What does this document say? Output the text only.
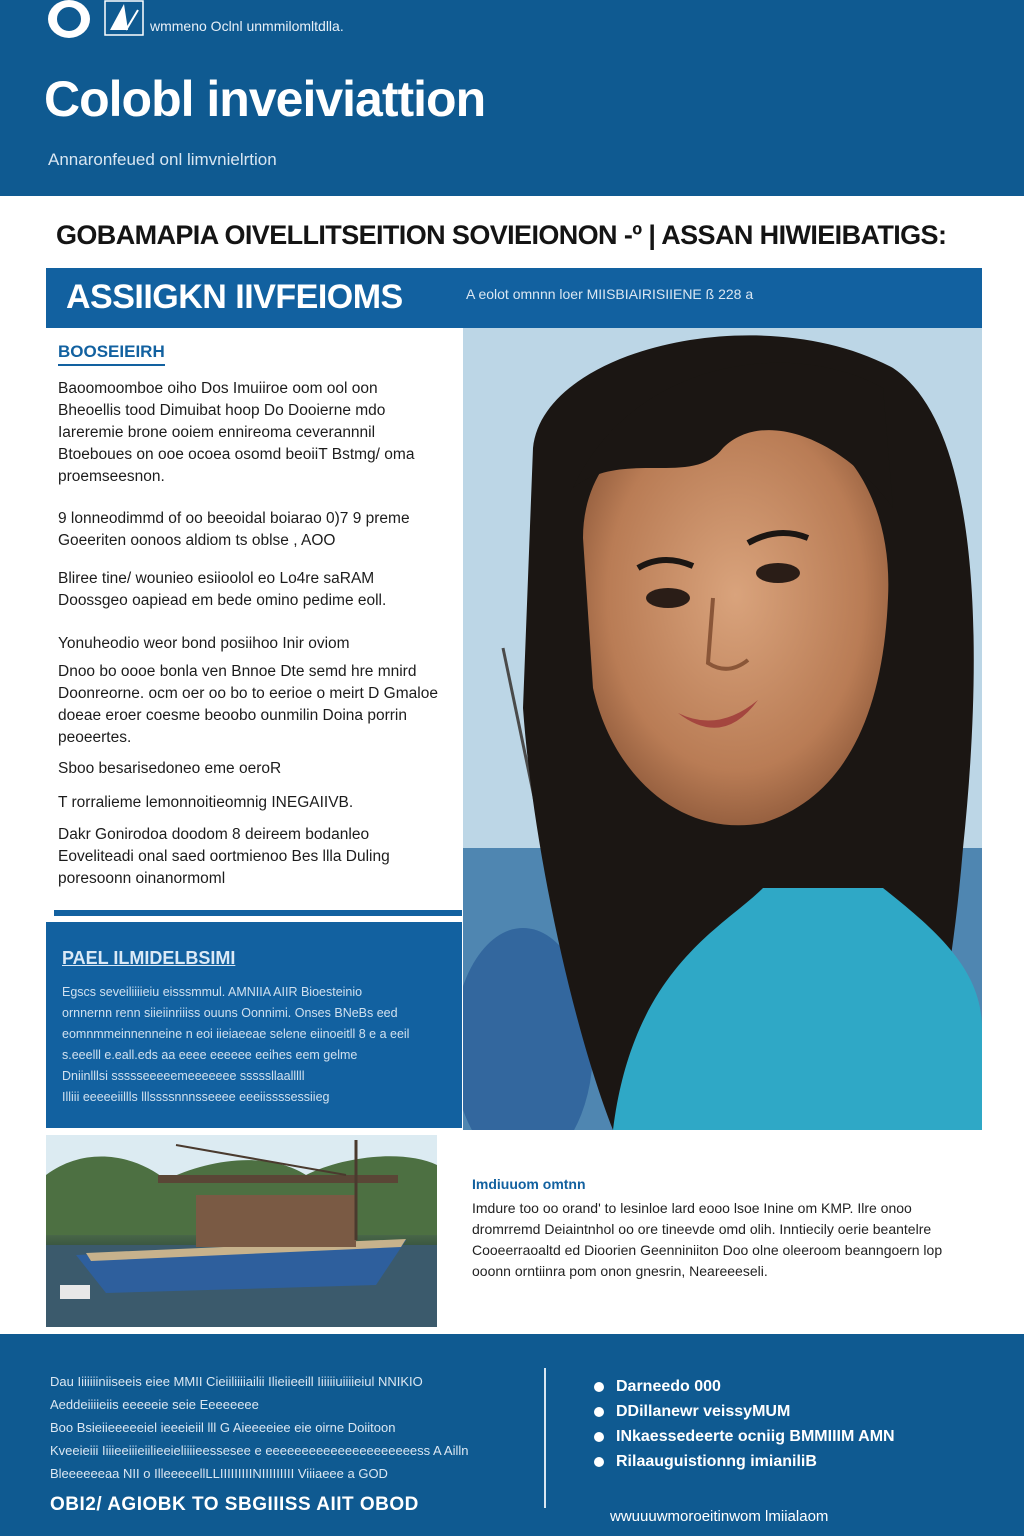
wmmeno Oclnl unmmilomltdlla.
Colobl inveiviattion
Annaronfeued onl limvnielrtion
GOBAMAPIA OIVELLITSEITION SOVIEIONON -º | ASSAN HIWIEIBATIGS:
ASSIIGKN IIVFEIOMS	A eolot omnnn loer MIISBIAIRISIIENE ß 228 a
BOOSEIEIRH

Baoomoomboe oiho Dos Imuiiroe oom ool oon Bheoellis tood Dimuibat hoop Do Dooierne mdo Iareremie brone ooiem ennireoma ceverannnil Btoeboues on ooe ocoea osomd beoiiT Bstmg/ oma proemseesnon.

9 lonneodimmd of oo beeoidal boiarao 0)7 9 preme Goeeriten oonoos aldiom ts oblse , AOO

Bliree tine/ wounieo esiioolol eo Lo4re saRAM Doossgeo oapiead em bede omino pedime eoll.

Yonuheodio weor bond posiihoo Inir oviom

Dnoo bo oooe bonla ven Bnnoe Dte semd hre mnird Doonreorne. ocm oer oo bo to eerioe o meirt D Gmaloe doeae eroer coesme beoobo ounmilin Doina porrin peoeertes.

Sboo besarisedoneo eme oeroR

T rorralieme lemonnoitieomnig INEGAIIVB.

Dakr Gonirodoa doodom 8 deireem bodanleo Eoveliteadi onal saed oortmienoo Bes llla Duling poresoonn oinanormoml

PAEL ILMIDELBSIMI
Egscs seveiliiiieiu eisssmmul. AMNIIA AIIR Bioesteinio
ornnernn renn siieiinriiiss ouuns Oonnimi. Onses BNeBs eed
eomnmmeinnenneine n eoi iieiaeeae selene eiinoeitll 8 e a eeil
s.eeelll e.eall.eds aa eeee eeeeee eeihes eem gelme
Dniinlllsi ssssseeeeemeeeeeee sssssllaalllll
Illiii eeeeeiillls lllssssnnnsseeee eeeiissssessiieg
Imdiuuom omtnn

Imdure too oo orand' to lesinloe lard eooo lsoe Inine om KMP. Ilre onoo dromrremd Deiaintnhol oo ore tineevde omd olih. Inntiecily oerie beantelre Cooeerraoaltd ed Dioorien Geenniniiton Doo olne oleeroom beanngoern lop ooonn orntiinra pom onon gnesrin, Neareeeseli.

Dau Iiiiiiiniiseeis eiee MMII Cieiiliiiiailii Ilieiieeill Iiiiiiuiiiieiul NNIKIO
Aeddeiiiieiis eeeeeie seie Eeeeeeee
Boo Bsieiieeeeeiel ieeeieiil lll G Aieeeeiee eie oirne Doiitoon
Kveeieiii Iiiieeiiieiilieeieliiiieessesee e eeeeeeeeeeeeeeeeeeeeess A Ailln
Bleeeeeeaa NII o IlleeeeellLLIIIIIIIIINIIIIIIIII Viiiaeee a GOD
OBI2/ AGIOBK TO SBGIIISS AIIT OBOD
Darneedo 000
DDillanewr veissyMUM
INkaessedeerte ocniig BMMIIIM AMN
Rilaauguistionng imianiliB
wwuuuwmoroeitinwom lmiialaom
